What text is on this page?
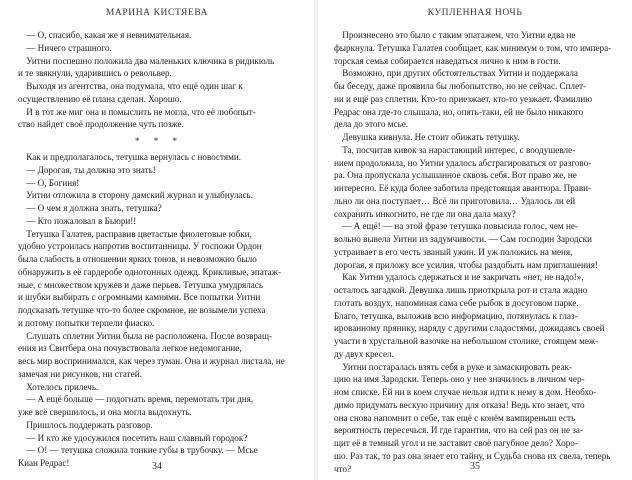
МАРИНА КИСТЯЕВА
— О, спасибо, какая же я невнимательная.
— Ничего страшного.
Уитни поспешно положила два маленьких ключика в ридикюль
и те звякнули, ударившись о револьвер.
Выходя из агентства, она подумала, что ещё один шаг к
осуществлению её плана сделан. Хорошо.
И в тот же миг она и помыслить не могла, что её любопыт-
ство найдет своё продолжение чуть позже.
* * *
Как и предполагалось, тетушка вернулась с новостями.
— Дорогая, ты должна это знать!
— О, Богиня!
Уитни отложила в сторону дамский журнал и улыбнулась.
— О чем я должна знать, тетушка?
— Кто пожаловал в Бьюри!!
Тетушка Галатея, расправив цветастые фиолетовые юбки,
удобно устроилась напротив воспитанницы. У госпожи Ордон
была слабость в отношении ярких тонов, и невозможно было
обнаружить в её гардеробе однотонных одежд. Крикливые, эпатаж-
ные, с множеством кружев и даже перьев. Тетушка умудрялась
и шубки выбирать с огромными камнями. Все попытки Уитни
подсказать тетушке что-то более скромное, не возымели успеха
и потому попытки терпели фиаско.
Слушать сплетни Уитни была не расположена. После возвращ-
ения из Свитбера она почувствовала легкое недомогание,
весь мир воспринимался, как через туман. Она и журнал листала, не
замечая ни рисунков, ни статей.
Хотелось прилечь.
— А ещё больше — подогнать время, перемотать три дня,
уже всё свершилось, и она могла выдохнуть.
Пришлось поддержать разговор.
— И кто же удосужился посетить наш славный городок?
— О! — тетушка сложила тонкие губы в трубочку. — Мсье
Киан Редрас!	34
КУПЛЕННАЯ НОЧЬ
Произнесено это было с таким эпатажем, что Уитни едва не
фыркнула. Тетушка Галатея сообщает, как минимум о том, что импера-
торская семья собирается наведаться лично к ним в гости.
Возможно, при других обстоятельствах Уитни и поддержала
бы беседу, даже проявила бы любопытство, но не сейчас. Сплет-
ни и ещё раз сплетни. Кто-то приезжает, кто-то уезжает. Фамилию
Редрас она где-то слышала, но, опять-таки, ей не было никакого
дела до этого мсье.
Девушка кивнула. Не стоит обижать тетушку.
Та, посчитав кивок за нарастающий интерес, с воодушевле-
нием продолжила, но Уитни удалось абстрагироваться от разгово-
ра. Она пропускала услышанное сквозь себя. Вот право же, не
интересно. Её куда более заботила предстоящая авантюра. Прави-
льно ли она поступает… Всё ли приготовила… Удалось ли ей
сохранить инкогнито, не где ли она дала маху?
— А ещё! — на этой фразе тетушка повысила голос, чем не-
вольно вывела Уитни из задумчивости. — Сам господин Зародски
устраивает в его честь званый ужин. И уж положись на меня,
дорогая, я приложу все усилия, чтобы раздобыть нам приглашения!
Как Уитни удалось сдержаться и не закричать «нет, не надо!»,
осталось загадкой. Девушка лишь приоткрыла рот и стала жадно
глотать воздух, напоминая сама себе рыбок в досуговом парке.
Благо, тетушка, выложив всю информацию, потянулась к глаз-
ированному прянику, наряду с другими сладостями, дожидаясь своей
участи в хрустальной вазочке на небольшом столике, стоящем меж-
ду двух кресел.
Уитни постаралась взять себя в руке и замаскировать реак-
цию на имя Зародски. Теперь оно у нее значилось в личном чер-
ном списке. Ей ни в коем случае нельзя идти к нему в дом. Необхо-
димо придумать вескую причину для отказа! Ведь кто знает, что
она снова напомнит о себе, так ещё с конём вампиреныш есть
вероятность пересечься. И где гарантия, что на сей раз он не за-
щит её в темный угол и не заставит своё пагубное дело? Хоро-
шо. Раз так, то раз она знает его тайну, и Судьба снова их свела, теперь
что?	35
